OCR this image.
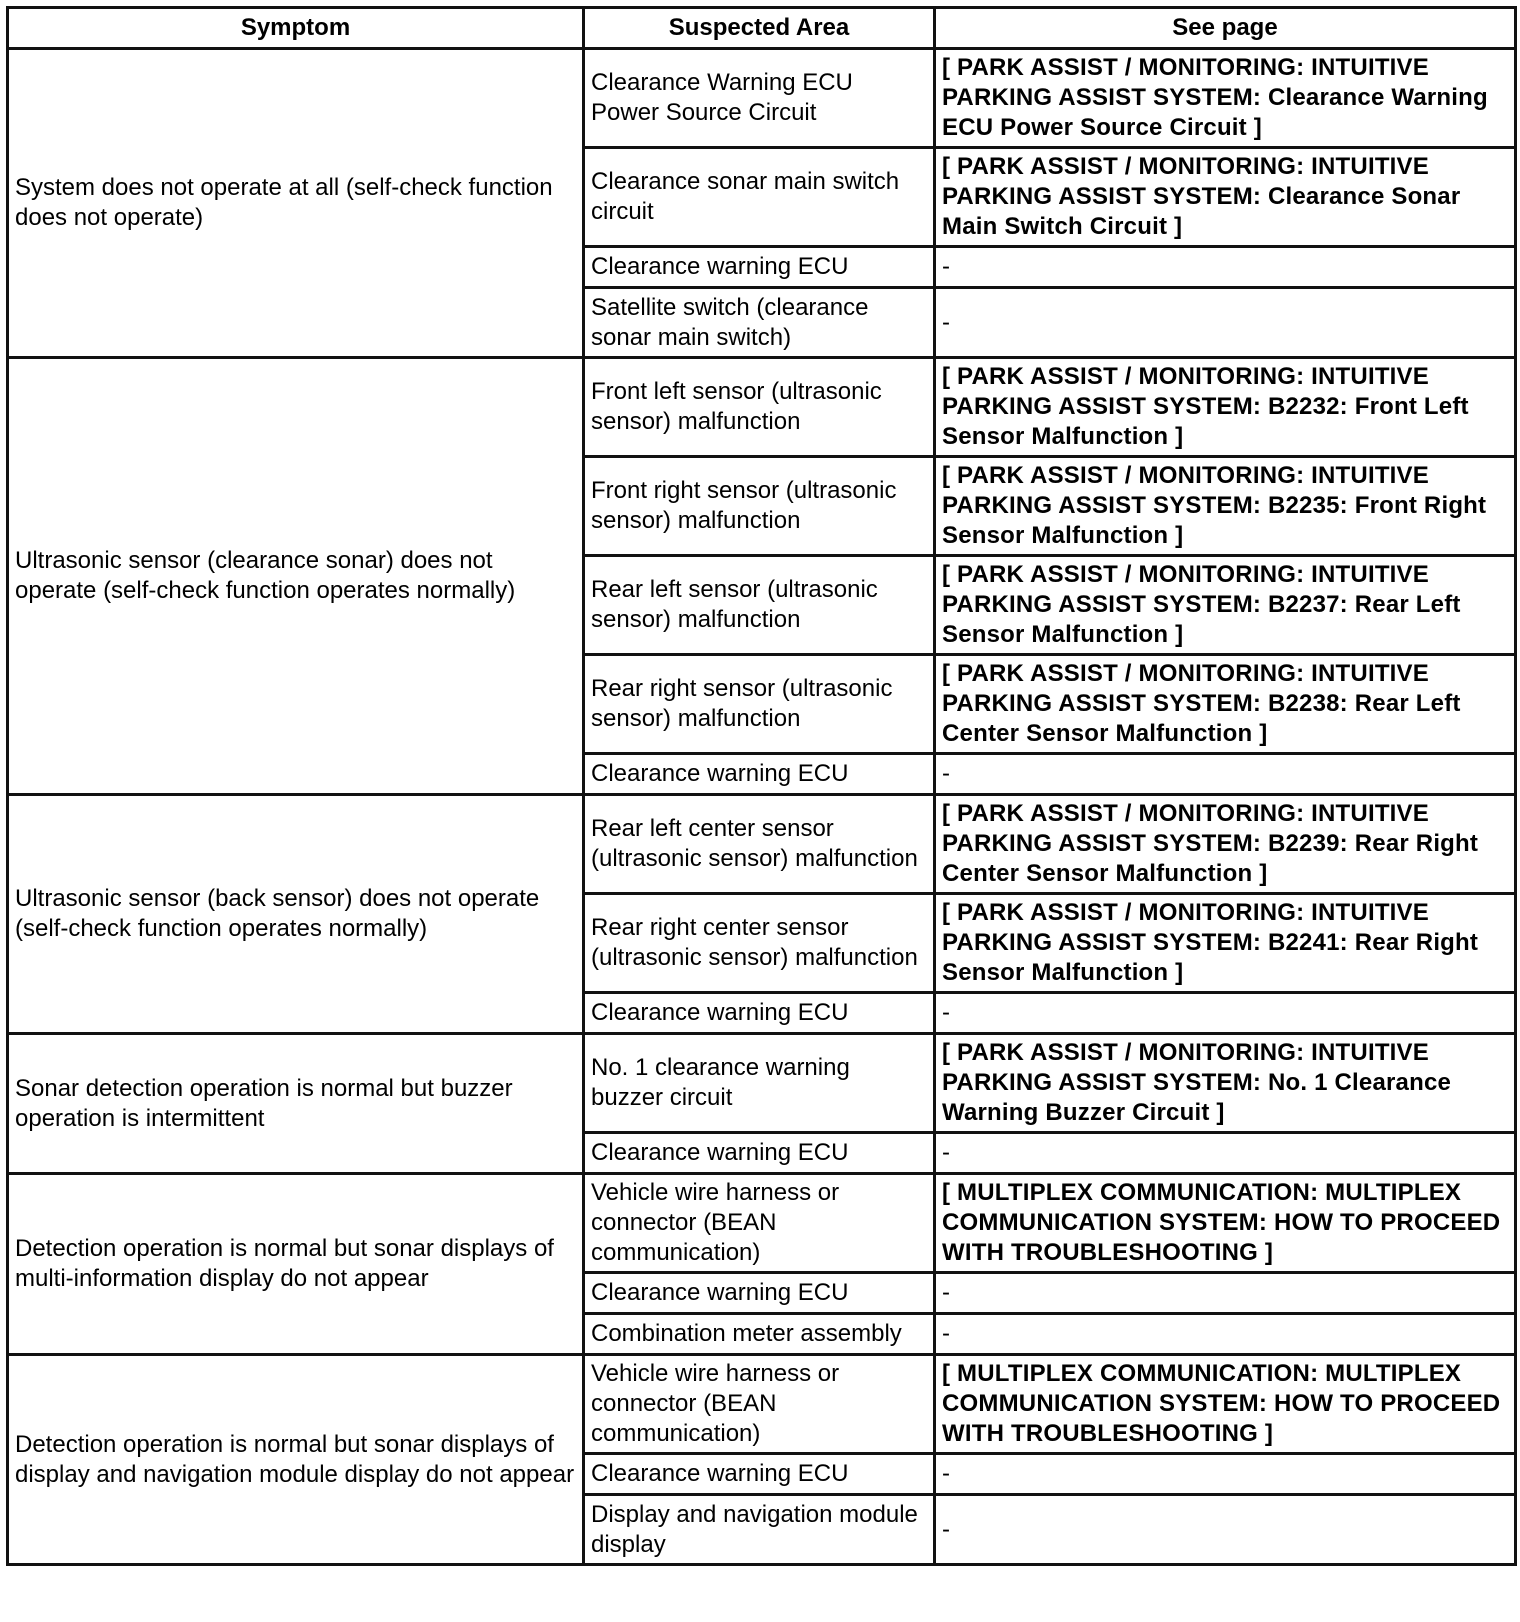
Symptom	Suspected Area	See page
System does not operate at all (self-check function does not operate)	Clearance Warning ECU Power Source Circuit	[ PARK ASSIST / MONITORING: INTUITIVE PARKING ASSIST SYSTEM: Clearance Warning ECU Power Source Circuit ]
	Clearance sonar main switch circuit	[ PARK ASSIST / MONITORING: INTUITIVE PARKING ASSIST SYSTEM: Clearance Sonar Main Switch Circuit ]
	Clearance warning ECU	-
	Satellite switch (clearance sonar main switch)	-
Ultrasonic sensor (clearance sonar) does not operate (self-check function operates normally)	Front left sensor (ultrasonic sensor) malfunction	[ PARK ASSIST / MONITORING: INTUITIVE PARKING ASSIST SYSTEM: B2232: Front Left Sensor Malfunction ]
	Front right sensor (ultrasonic sensor) malfunction	[ PARK ASSIST / MONITORING: INTUITIVE PARKING ASSIST SYSTEM: B2235: Front Right Sensor Malfunction ]
	Rear left sensor (ultrasonic sensor) malfunction	[ PARK ASSIST / MONITORING: INTUITIVE PARKING ASSIST SYSTEM: B2237: Rear Left Sensor Malfunction ]
	Rear right sensor (ultrasonic sensor) malfunction	[ PARK ASSIST / MONITORING: INTUITIVE PARKING ASSIST SYSTEM: B2238: Rear Left Center Sensor Malfunction ]
	Clearance warning ECU	-
Ultrasonic sensor (back sensor) does not operate (self-check function operates normally)	Rear left center sensor (ultrasonic sensor) malfunction	[ PARK ASSIST / MONITORING: INTUITIVE PARKING ASSIST SYSTEM: B2239: Rear Right Center Sensor Malfunction ]
	Rear right center sensor (ultrasonic sensor) malfunction	[ PARK ASSIST / MONITORING: INTUITIVE PARKING ASSIST SYSTEM: B2241: Rear Right Sensor Malfunction ]
	Clearance warning ECU	-
Sonar detection operation is normal but buzzer operation is intermittent	No. 1 clearance warning buzzer circuit	[ PARK ASSIST / MONITORING: INTUITIVE PARKING ASSIST SYSTEM: No. 1 Clearance Warning Buzzer Circuit ]
	Clearance warning ECU	-
Detection operation is normal but sonar displays of multi-information display do not appear	Vehicle wire harness or connector (BEAN communication)	[ MULTIPLEX COMMUNICATION: MULTIPLEX COMMUNICATION SYSTEM: HOW TO PROCEED WITH TROUBLESHOOTING ]
	Clearance warning ECU	-
	Combination meter assembly	-
Detection operation is normal but sonar displays of display and navigation module display do not appear	Vehicle wire harness or connector (BEAN communication)	[ MULTIPLEX COMMUNICATION: MULTIPLEX COMMUNICATION SYSTEM: HOW TO PROCEED WITH TROUBLESHOOTING ]
	Clearance warning ECU	-
	Display and navigation module display	-
